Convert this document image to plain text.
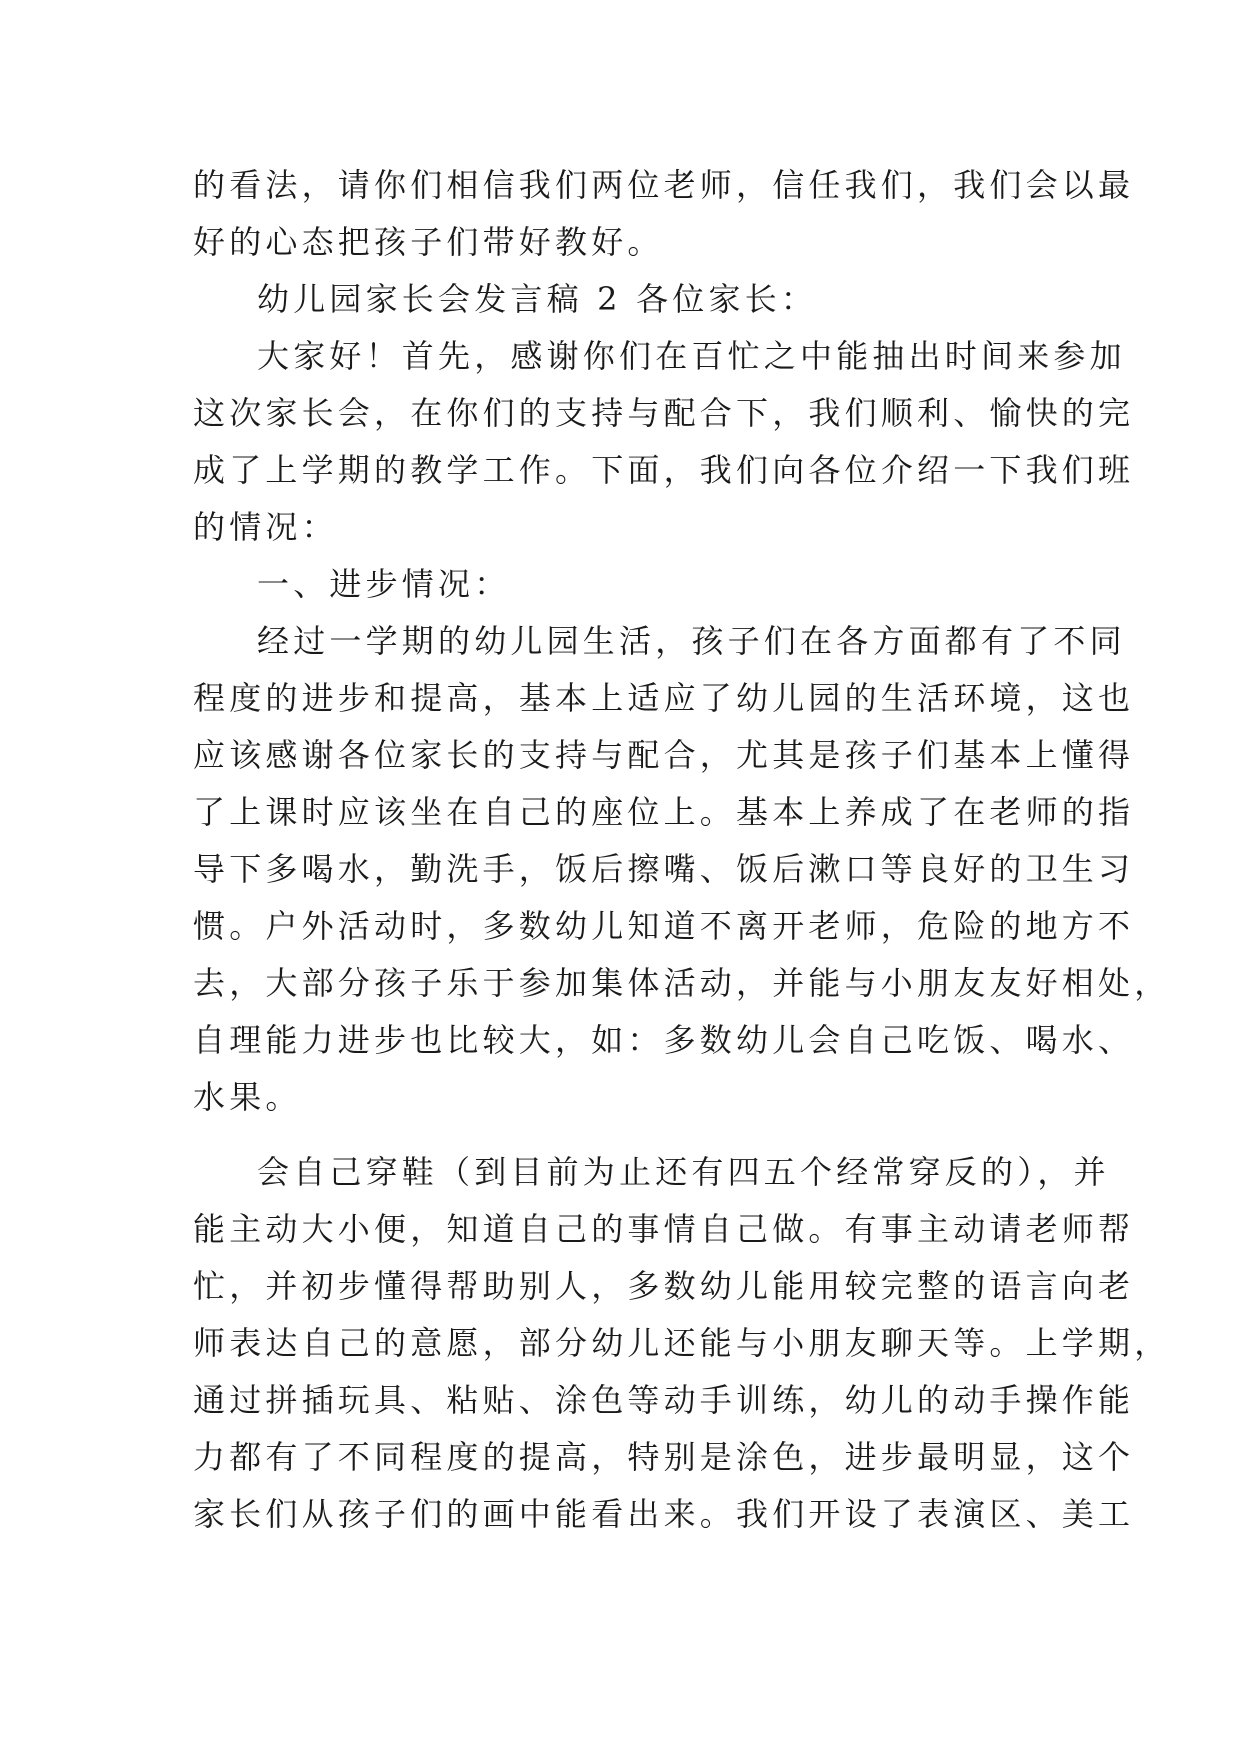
的看法，请你们相信我们两位老师，信任我们，我们会以最
好的心态把孩子们带好教好。
幼儿园家长会发言稿 2 各位家长：
大家好！首先，感谢你们在百忙之中能抽出时间来参加
这次家长会，在你们的支持与配合下，我们顺利、愉快的完
成了上学期的教学工作。下面，我们向各位介绍一下我们班
的情况：
一、进步情况：
经过一学期的幼儿园生活，孩子们在各方面都有了不同
程度的进步和提高，基本上适应了幼儿园的生活环境，这也
应该感谢各位家长的支持与配合，尤其是孩子们基本上懂得
了上课时应该坐在自己的座位上。基本上养成了在老师的指
导下多喝水，勤洗手，饭后擦嘴、饭后漱口等良好的卫生习
惯。户外活动时，多数幼儿知道不离开老师，危险的地方不
去，大部分孩子乐于参加集体活动，并能与小朋友友好相处，
自理能力进步也比较大，如：多数幼儿会自己吃饭、喝水、
水果。
会自己穿鞋（到目前为止还有四五个经常穿反的），并
能主动大小便，知道自己的事情自己做。有事主动请老师帮
忙，并初步懂得帮助别人，多数幼儿能用较完整的语言向老
师表达自己的意愿，部分幼儿还能与小朋友聊天等。上学期，
通过拼插玩具、粘贴、涂色等动手训练，幼儿的动手操作能
力都有了不同程度的提高，特别是涂色，进步最明显，这个
家长们从孩子们的画中能看出来。我们开设了表演区、美工
